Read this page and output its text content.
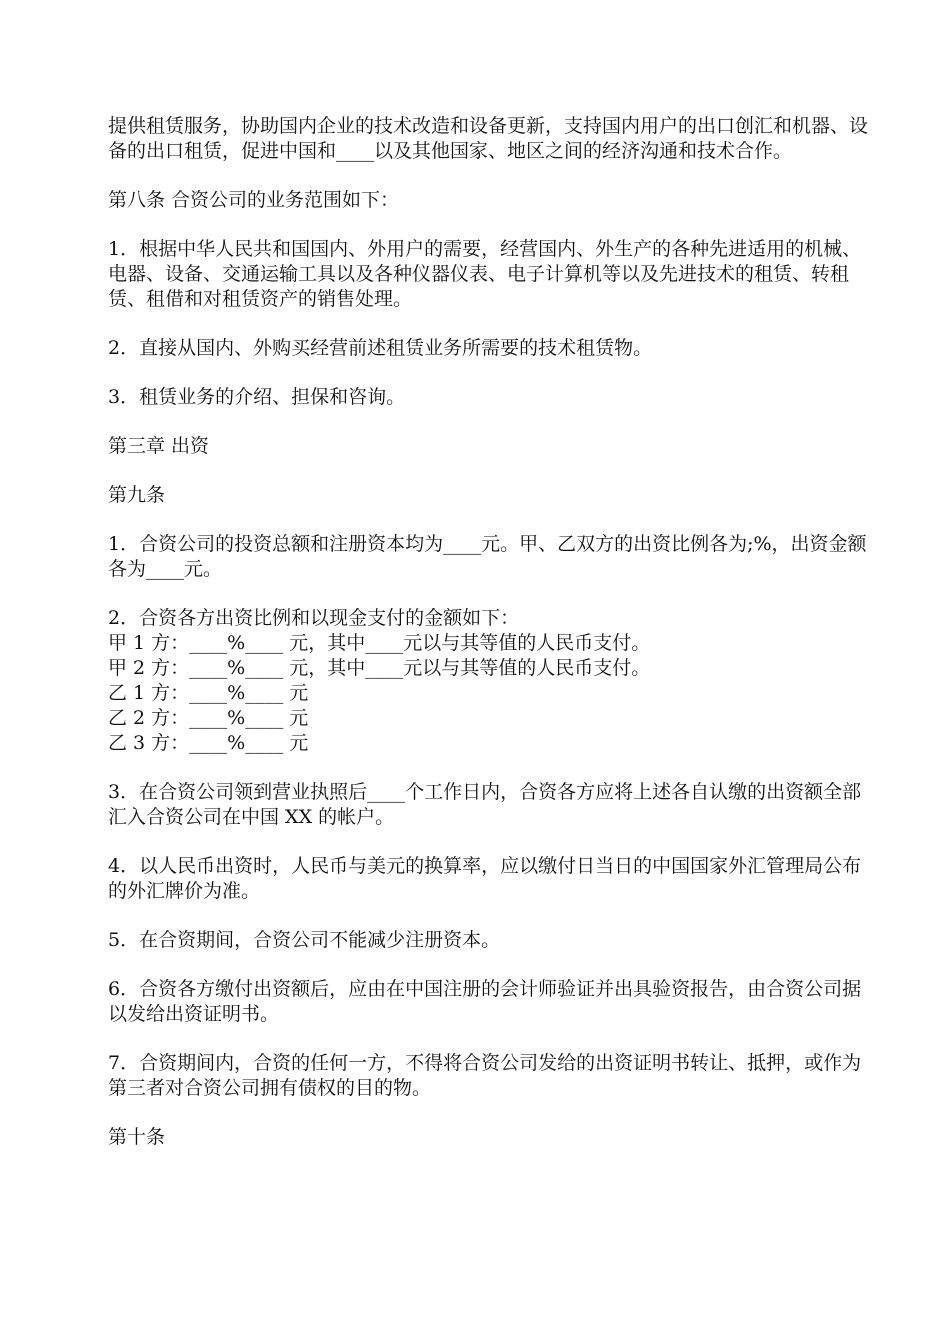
提供租赁服务，协助国内企业的技术改造和设备更新，支持国内用户的出口创汇和机器、设备的出口租赁，促进中国和____以及其他国家、地区之间的经济沟通和技术合作。

第八条 合资公司的业务范围如下：

1．根据中华人民共和国国内、外用户的需要，经营国内、外生产的各种先进适用的机械、电器、设备、交通运输工具以及各种仪器仪表、电子计算机等以及先进技术的租赁、转租赁、租借和对租赁资产的销售处理。

2．直接从国内、外购买经营前述租赁业务所需要的技术租赁物。

3．租赁业务的介绍、担保和咨询。

第三章 出资

第九条

1．合资公司的投资总额和注册资本均为____元。甲、乙双方的出资比例各为;%，出资金额各为____元。

2．合资各方出资比例和以现金支付的金额如下：

甲 1 方：____%____ 元，其中____元以与其等值的人民币支付。

甲 2 方：____%____ 元，其中____元以与其等值的人民币支付。

乙 1 方：____%____ 元

乙 2 方：____%____ 元

乙 3 方：____%____ 元

3．在合资公司领到营业执照后____个工作日内，合资各方应将上述各自认缴的出资额全部汇入合资公司在中国 XX 的帐户。

4．以人民币出资时，人民币与美元的换算率，应以缴付日当日的中国国家外汇管理局公布的外汇牌价为准。

5．在合资期间，合资公司不能减少注册资本。

6．合资各方缴付出资额后，应由在中国注册的会计师验证并出具验资报告，由合资公司据以发给出资证明书。

7．合资期间内，合资的任何一方，不得将合资公司发给的出资证明书转让、抵押，或作为

第三者对合资公司拥有债权的目的物。

第十条
